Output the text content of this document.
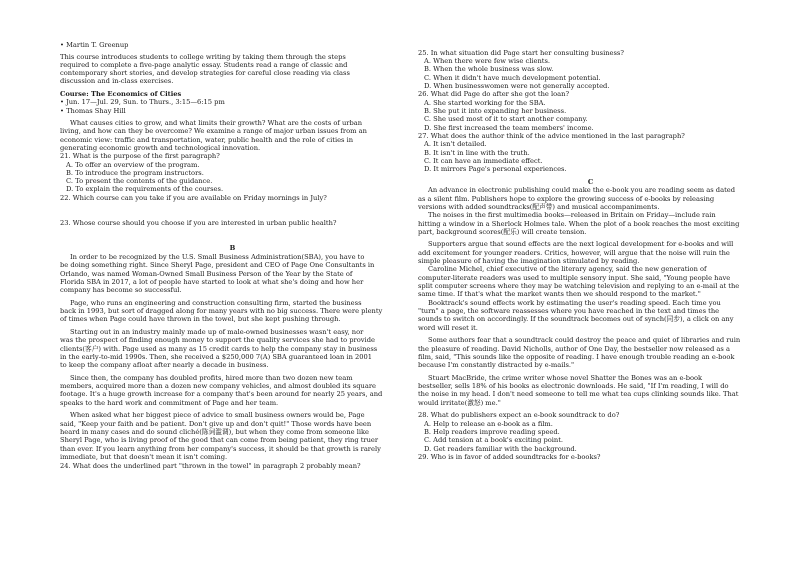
• Martin T. Greenup
This course introduces students to college writing by taking them through the steps
required to complete a five-page analytic essay. Students read a range of classic and
contemporary short stories, and develop strategies for careful close reading via class
discussion and in-class exercises.
Course: The Economics of Cities
• Jun. 17—Jul. 29, Sun. to Thurs., 3:15—6:15 pm
• Thomas Shay Hill
What causes cities to grow, and what limits their growth? What are the costs of urban
living, and how can they be overcome? We examine a range of major urban issues from an
economic view: traffic and transportation, water, public health and the role of cities in
generating economic growth and technological innovation.
21. What is the purpose of the first paragraph?
A. To offer an overview of the program.
B. To introduce the program instructors.
C. To present the contents of the guidance.
D. To explain the requirements of the courses.
22. Which course can you take if you are available on Friday mornings in July?
23. Whose course should you choose if you are interested in urban public health?
B
In order to be recognized by the U.S. Small Business Administration(SBA), you have to
be doing something right. Since Sheryl Page, president and CEO of Page One Consultants in
Orlando, was named Woman-Owned Small Business Person of the Year by the State of
Florida SBA in 2017, a lot of people have started to look at what she's doing and how her
company has become so successful.
Page, who runs an engineering and construction consulting firm, started the business
back in 1993, but sort of dragged along for many years with no big success. There were plenty
of times when Page could have thrown in the towel, but she kept pushing through.
Starting out in an industry mainly made up of male-owned businesses wasn't easy, nor
was the prospect of finding enough money to support the quality services she had to provide
clients(客户) with. Page used as many as 15 credit cards to help the company stay in business
in the early-to-mid 1990s. Then, she received a $250,000 7(A) SBA guaranteed loan in 2001
to keep the company afloat after nearly a decade in business.
Since then, the company has doubled profits, hired more than two dozen new team
members, acquired more than a dozen new company vehicles, and almost doubled its square
footage. It's a huge growth increase for a company that's been around for nearly 25 years, and
speaks to the hard work and commitment of Page and her team.
When asked what her biggest piece of advice to small business owners would be, Page
said, "Keep your faith and be patient. Don't give up and don't quit!" Those words have been
heard in many cases and do sound cliché(陈词滥调), but when they come from someone like
Sheryl Page, who is living proof of the good that can come from being patient, they ring truer
than ever. If you learn anything from her company's success, it should be that growth is rarely
immediate, but that doesn't mean it isn't coming.
24. What does the underlined part "thrown in the towel" in paragraph 2 probably mean?
25. In what situation did Page start her consulting business?
A. When there were few wise clients.
B. When the whole business was slow.
C. When it didn't have much development potential.
D. When businesswomen were not generally accepted.
26. What did Page do after she got the loan?
A. She started working for the SBA.
B. She put it into expanding her business.
C. She used most of it to start another company.
D. She first increased the team members' income.
27. What does the author think of the advice mentioned in the last paragraph?
A. It isn't detailed.
B. It isn't in line with the truth.
C. It can have an immediate effect.
D. It mirrors Page's personal experiences.
C
An advance in electronic publishing could make the e-book you are reading seem as dated
as a silent film. Publishers hope to explore the growing success of e-books by releasing
versions with added soundtracks(配声带) and musical accompaniments.
The noises in the first multimedia books—released in Britain on Friday—include rain
hitting a window in a Sherlock Holmes tale. When the plot of a book reaches the most exciting
part, background scores(配乐) will create tension.
Supporters argue that sound effects are the next logical development for e-books and will
add excitement for younger readers. Critics, however, will argue that the noise will ruin the
simple pleasure of having the imagination stimulated by reading.
Caroline Michel, chief executive of the literary agency, said the new generation of
computer-literate readers was used to multiple sensory input. She said, "Young people have
split computer screens where they may be watching television and replying to an e-mail at the
same time. If that's what the market wants then we should respond to the market."
Booktrack's sound effects work by estimating the user's reading speed. Each time you
"turn" a page, the software reassesses where you have reached in the text and times the
sounds to switch on accordingly. If the soundtrack becomes out of synch(同步), a click on any
word will reset it.
Some authors fear that a soundtrack could destroy the peace and quiet of libraries and ruin
the pleasure of reading. David Nicholls, author of One Day, the bestseller now released as a
film, said, "This sounds like the opposite of reading. I have enough trouble reading an e-book
because I'm constantly distracted by e-mails."
Stuart MacBride, the crime writer whose novel Shatter the Bones was an e-book
bestseller, sells 18% of his books as electronic downloads. He said, "If I'm reading, I will do
the noise in my head. I don't need someone to tell me what tea cups clinking sounds like. That
would irritate(激怒) me."
28. What do publishers expect an e-book soundtrack to do?
A. Help to release an e-book as a film.
B. Help readers improve reading speed.
C. Add tension at a book's exciting point.
D. Get readers familiar with the background.
29. Who is in favor of added soundtracks for e-books?
